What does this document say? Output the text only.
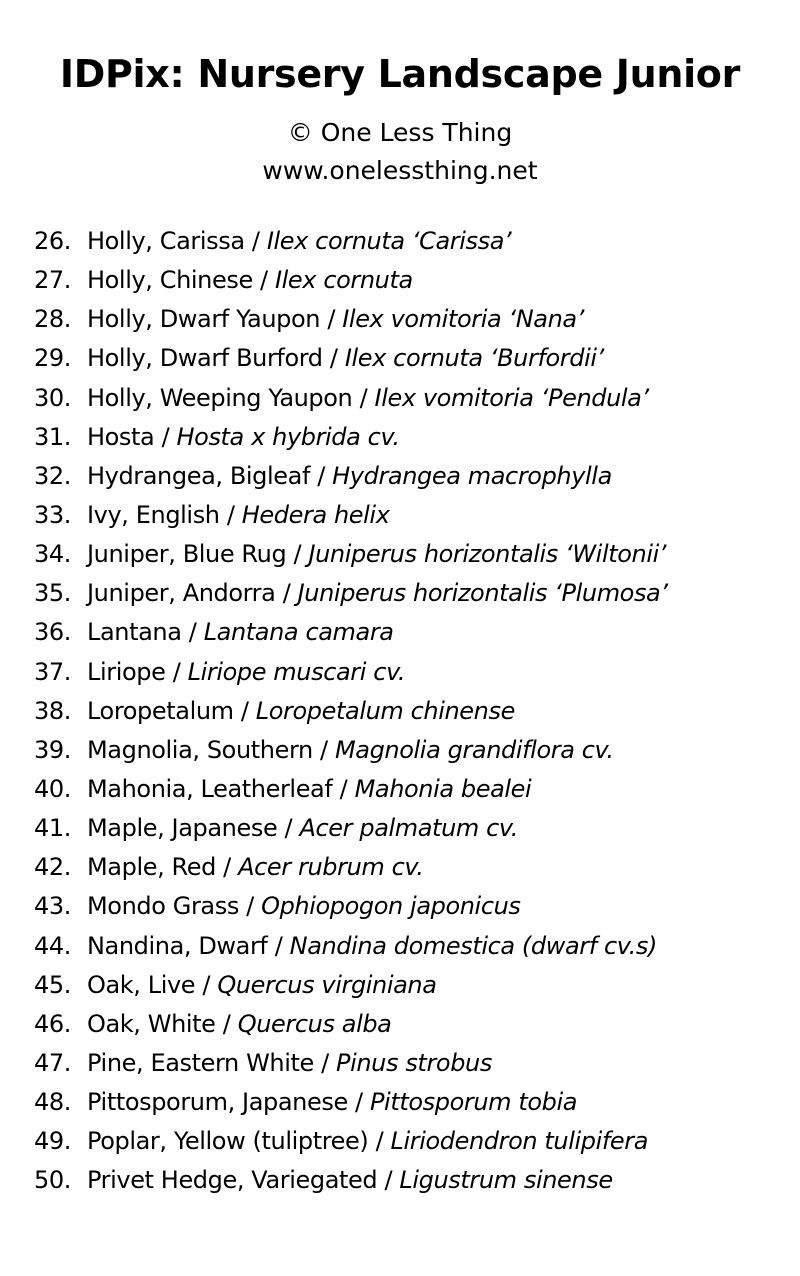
IDPix: Nursery Landscape Junior
© One Less Thing
www.onelessthing.net
26. Holly, Carissa / Ilex cornuta ‘Carissa’
27. Holly, Chinese / Ilex cornuta
28. Holly, Dwarf Yaupon / Ilex vomitoria ‘Nana’
29. Holly, Dwarf Burford / Ilex cornuta ‘Burfordii’
30. Holly, Weeping Yaupon / Ilex vomitoria ‘Pendula’
31. Hosta / Hosta x hybrida cv.
32. Hydrangea, Bigleaf / Hydrangea macrophylla
33. Ivy, English / Hedera helix
34. Juniper, Blue Rug / Juniperus horizontalis ‘Wiltonii’
35. Juniper, Andorra / Juniperus horizontalis ‘Plumosa’
36. Lantana / Lantana camara
37. Liriope / Liriope muscari cv.
38. Loropetalum / Loropetalum chinense
39. Magnolia, Southern / Magnolia grandiflora cv.
40. Mahonia, Leatherleaf / Mahonia bealei
41. Maple, Japanese / Acer palmatum cv.
42. Maple, Red / Acer rubrum cv.
43. Mondo Grass / Ophiopogon japonicus
44. Nandina, Dwarf / Nandina domestica (dwarf cv.s)
45. Oak, Live / Quercus virginiana
46. Oak, White / Quercus alba
47. Pine, Eastern White / Pinus strobus
48. Pittosporum, Japanese / Pittosporum tobia
49. Poplar, Yellow (tuliptree) / Liriodendron tulipifera
50. Privet Hedge, Variegated / Ligustrum sinense
